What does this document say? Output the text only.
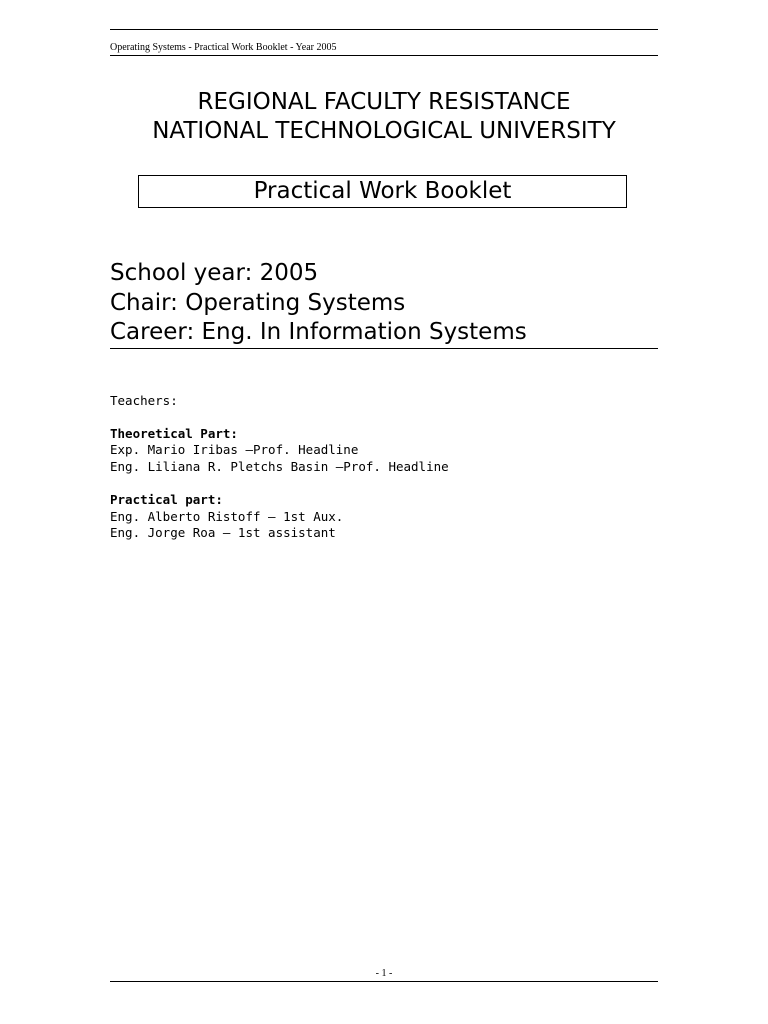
Operating Systems - Practical Work Booklet - Year 2005
REGIONAL FACULTY RESISTANCE
NATIONAL TECHNOLOGICAL UNIVERSITY
Practical Work Booklet
School year: 2005
Chair: Operating Systems
Career: Eng. In Information Systems
Teachers:
Theoretical Part:
Exp. Mario Iribas –Prof. Headline
Eng. Liliana R. Pletchs Basin –Prof. Headline
Practical part:
Eng. Alberto Ristoff – 1st Aux.
Eng. Jorge Roa – 1st assistant
- 1 -
